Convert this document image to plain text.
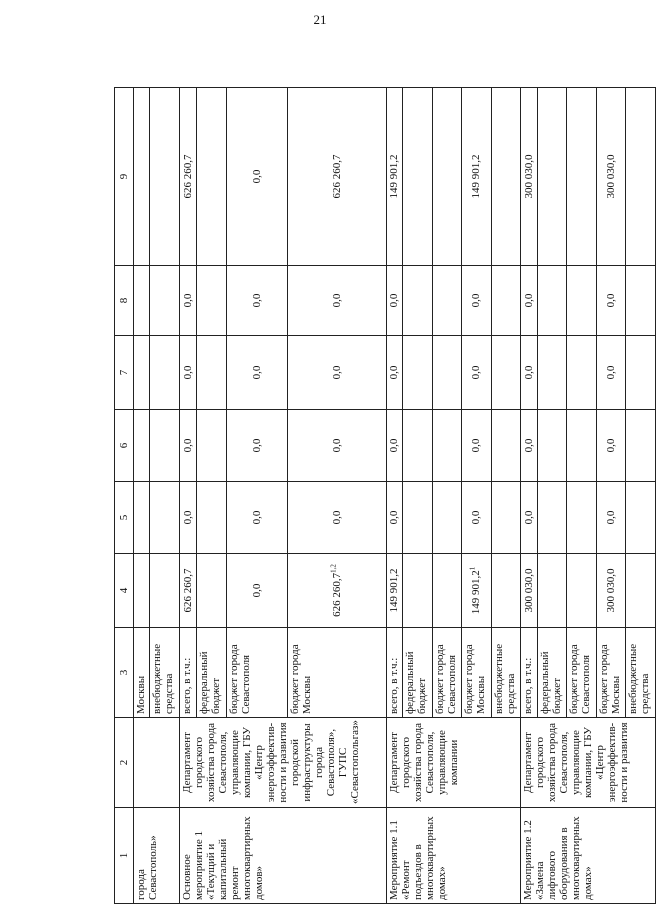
21
1	2	3	4	5	6	7	8	9
города Севастополь»		Москвы						
		внебюджетные средства						
Основное мероприятие 1 «Текущий и капитальный ремонт многоквартирных домов»	Департамент городского хозяйства города Севастополя, управляющие компании, ГБУ «Центр энергоэффектив-ности и развития городской инфраструктуры города Севастополя», ГУПС «Севастопольгаз»	всего, в т.ч.:	626 260,7	0,0	0,0	0,0	0,0	626 260,7
		федеральный бюджет						
		бюджет города Севастополя	0,0	0,0	0,0	0,0	0,0	0,0
		бюджет города Москвы	626 260,7$^{1,2}$	0,0	0,0	0,0	0,0	626 260,7
Мероприятие 1.1 «Ремонт подъездов в многоквартирных домах»	Департамент городского хозяйства города Севастополя, управляющие компании	всего, в т.ч.:	149 901,2	0,0	0,0	0,0	0,0	149 901,2
		федеральный бюджет						
		бюджет города Севастополя						
		бюджет города Москвы	149 901,2$^1$	0,0	0,0	0,0	0,0	149 901,2
		внебюджетные средства						
Мероприятие 1.2 «Замена лифтового оборудования в многоквартирных домах»	Департамент городского хозяйства города Севастополя, управляющие компании, ГБУ «Центр энергоэффектив-ности и развития	всего, в т.ч.:	300 030,0	0,0	0,0	0,0	0,0	300 030,0
		федеральный бюджет						
		бюджет города Севастополя						
		бюджет города Москвы	300 030,0	0,0	0,0	0,0	0,0	300 030,0
		внебюджетные средства						
